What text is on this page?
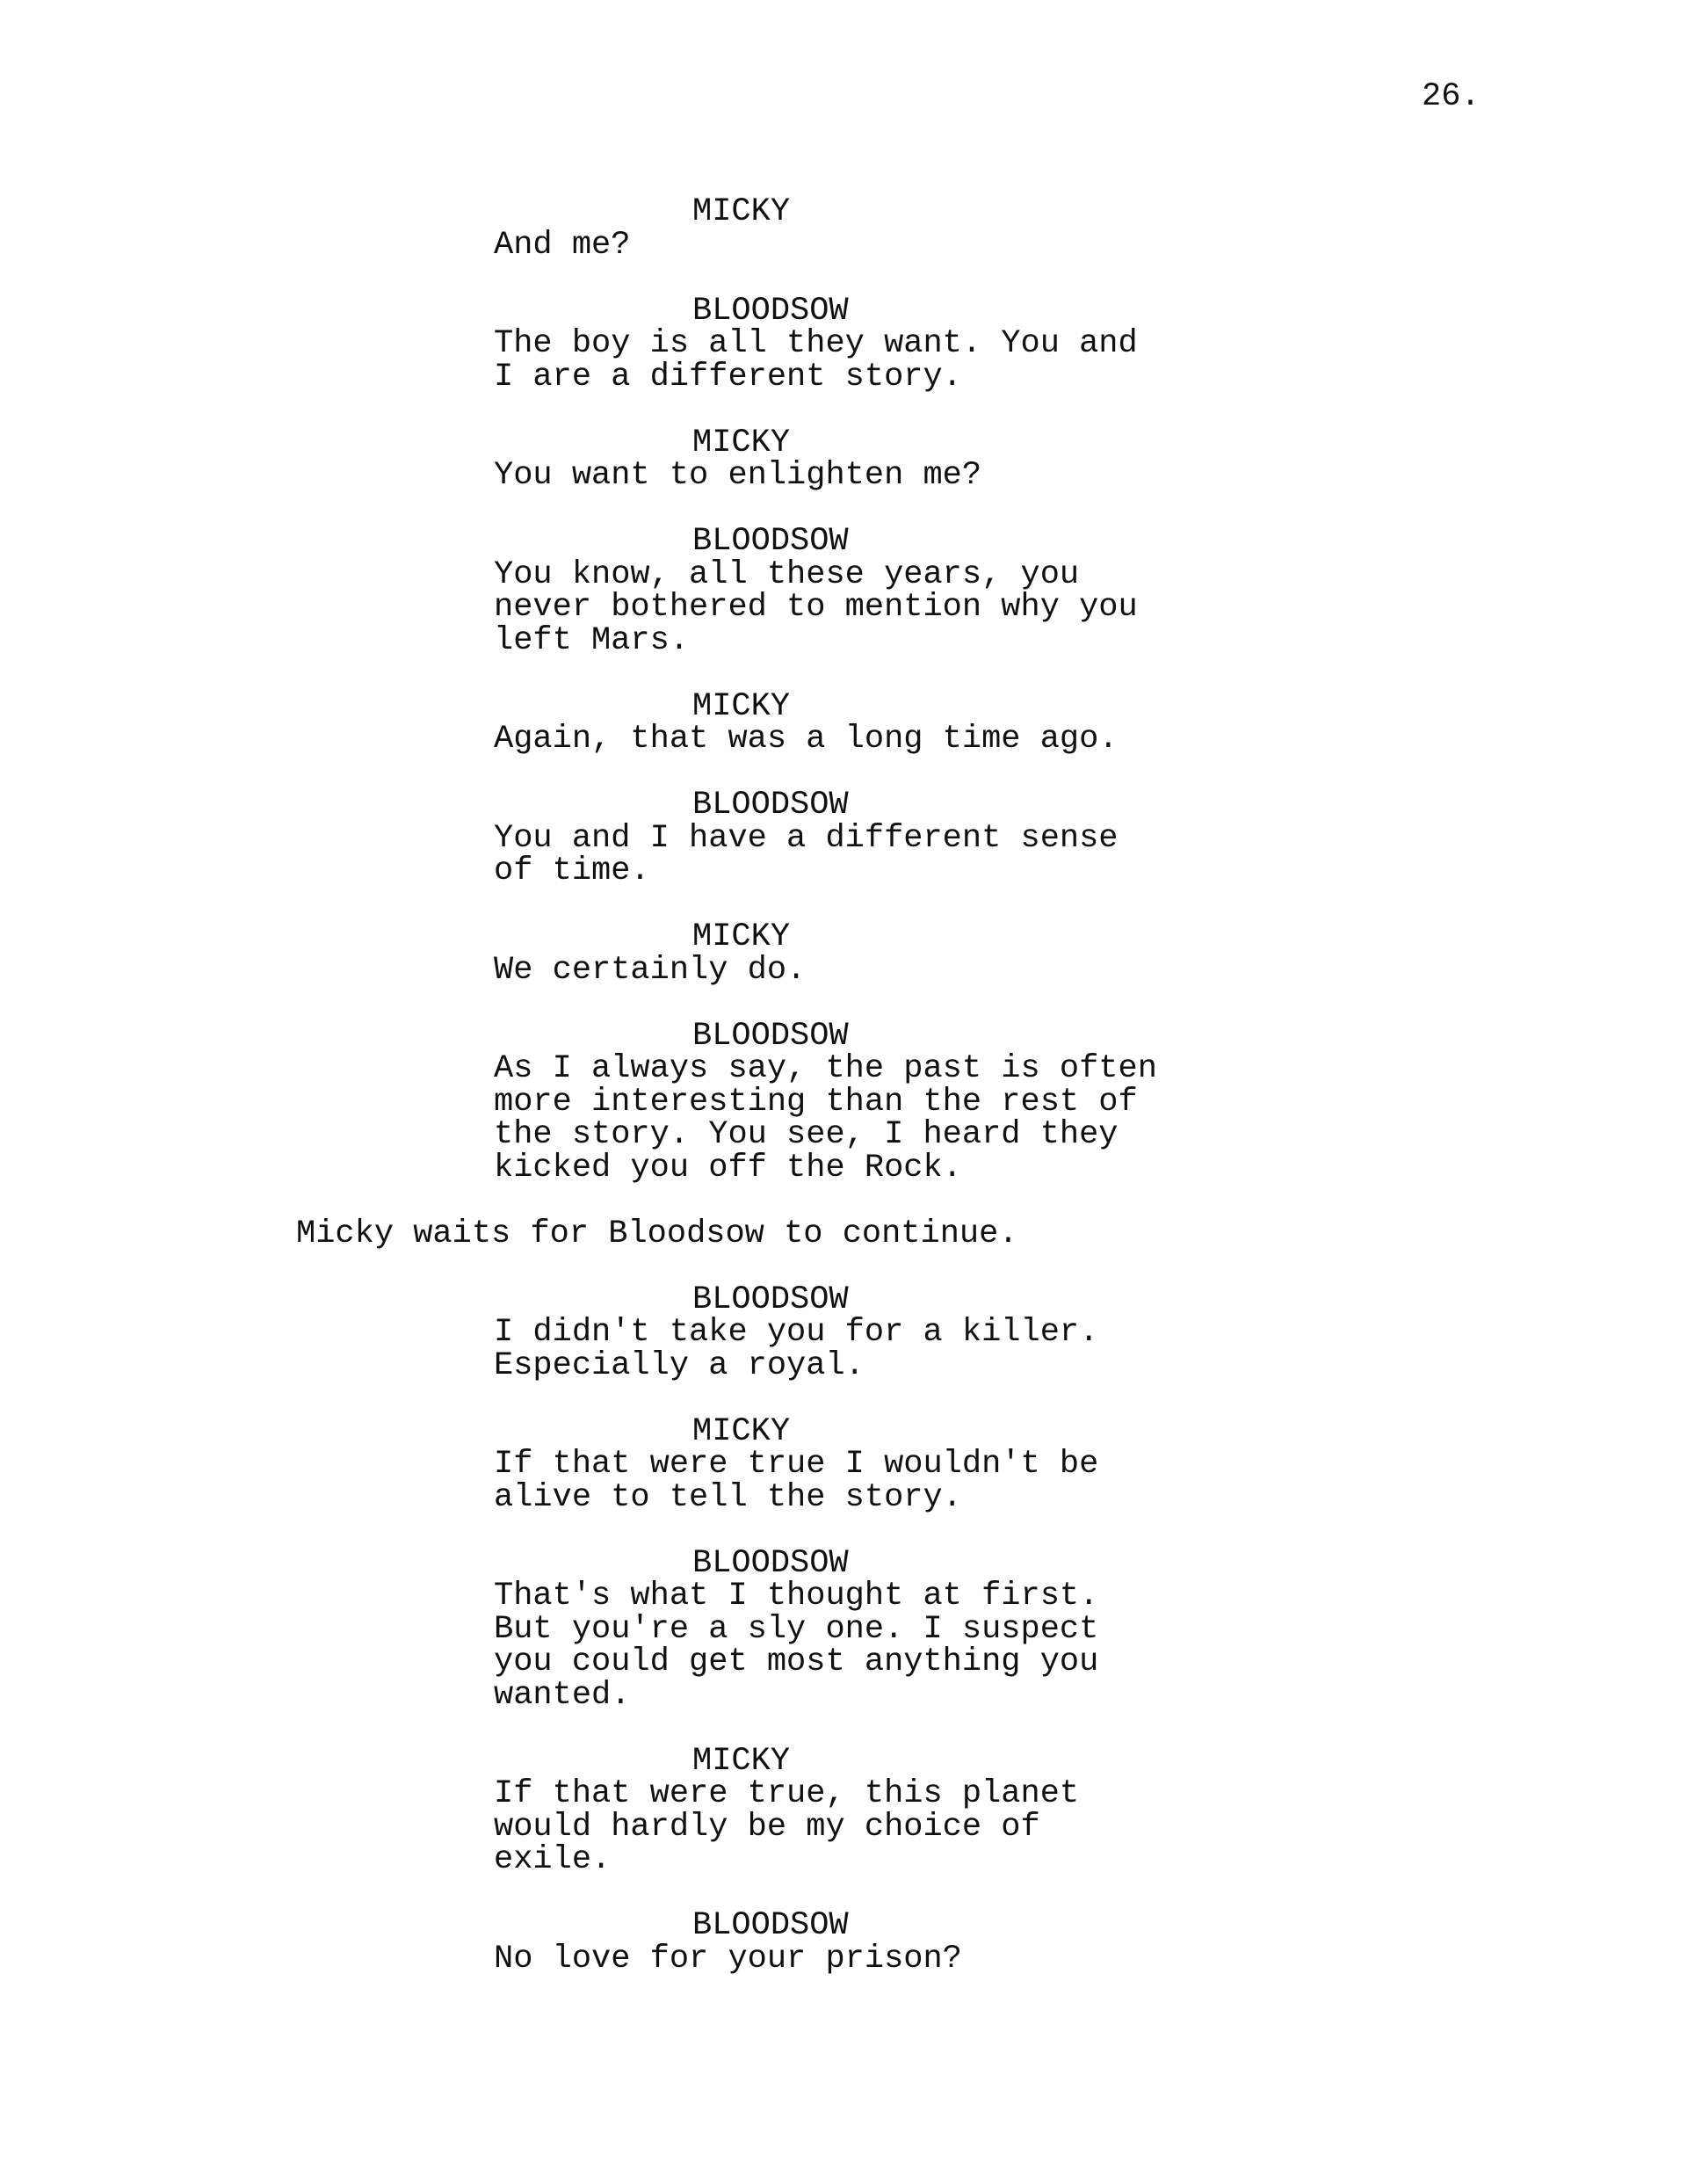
26.
MICKY
And me?
BLOODSOW
The boy is all they want. You and
I are a different story.
MICKY
You want to enlighten me?
BLOODSOW
You know, all these years, you
never bothered to mention why you
left Mars.
MICKY
Again, that was a long time ago.
BLOODSOW
You and I have a different sense
of time.
MICKY
We certainly do.
BLOODSOW
As I always say, the past is often
more interesting than the rest of
the story. You see, I heard they
kicked you off the Rock.
Micky waits for Bloodsow to continue.
BLOODSOW
I didn't take you for a killer.
Especially a royal.
MICKY
If that were true I wouldn't be
alive to tell the story.
BLOODSOW
That's what I thought at first.
But you're a sly one. I suspect
you could get most anything you
wanted.
MICKY
If that were true, this planet
would hardly be my choice of
exile.
BLOODSOW
No love for your prison?
